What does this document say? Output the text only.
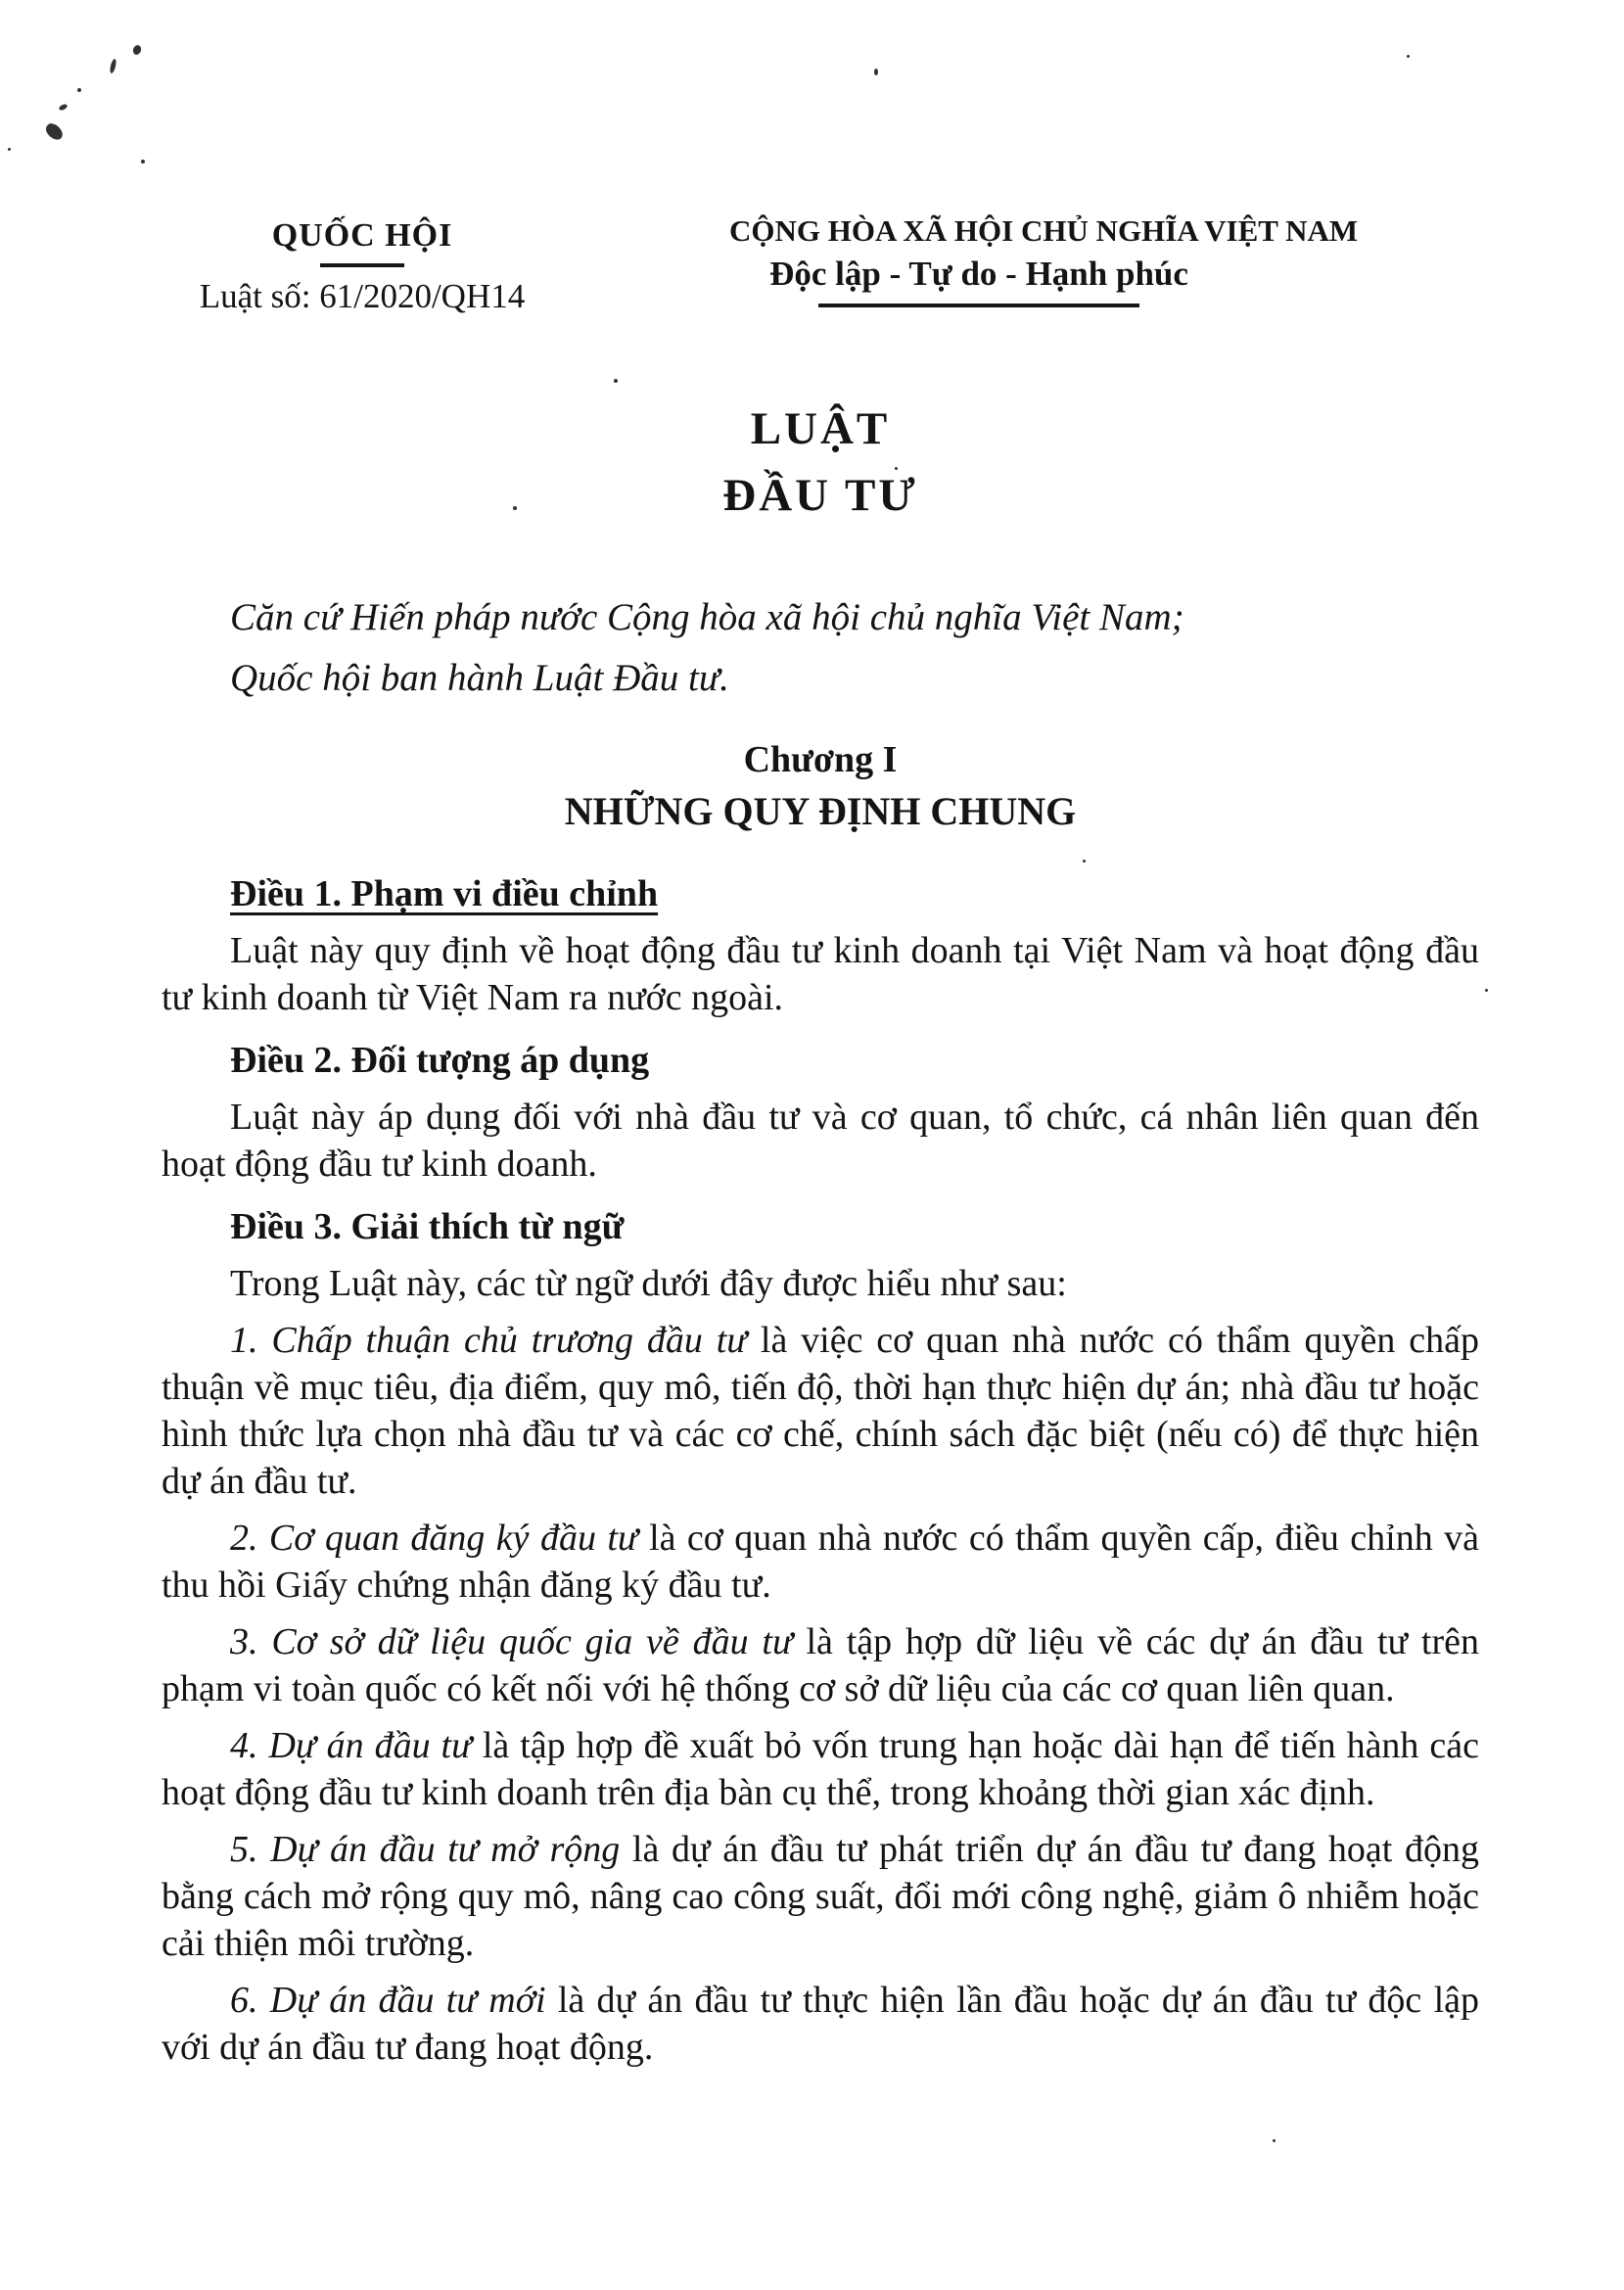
QUỐC HỘI
Luật số: 61/2020/QH14
CỘNG HÒA XÃ HỘI CHỦ NGHĨA VIỆT NAM
Độc lập - Tự do - Hạnh phúc
LUẬT
ĐẦU TƯ

Căn cứ Hiến pháp nước Cộng hòa xã hội chủ nghĩa Việt Nam;

Quốc hội ban hành Luật Đầu tư.

Chương I
NHỮNG QUY ĐỊNH CHUNG
Điều 1. Phạm vi điều chỉnh

Luật này quy định về hoạt động đầu tư kinh doanh tại Việt Nam và hoạt động đầu tư kinh doanh từ Việt Nam ra nước ngoài.

Điều 2. Đối tượng áp dụng

Luật này áp dụng đối với nhà đầu tư và cơ quan, tổ chức, cá nhân liên quan đến hoạt động đầu tư kinh doanh.

Điều 3. Giải thích từ ngữ

Trong Luật này, các từ ngữ dưới đây được hiểu như sau:

1. Chấp thuận chủ trương đầu tư là việc cơ quan nhà nước có thẩm quyền chấp thuận về mục tiêu, địa điểm, quy mô, tiến độ, thời hạn thực hiện dự án; nhà đầu tư hoặc hình thức lựa chọn nhà đầu tư và các cơ chế, chính sách đặc biệt (nếu có) để thực hiện dự án đầu tư.

2. Cơ quan đăng ký đầu tư là cơ quan nhà nước có thẩm quyền cấp, điều chỉnh và thu hồi Giấy chứng nhận đăng ký đầu tư.

3. Cơ sở dữ liệu quốc gia về đầu tư là tập hợp dữ liệu về các dự án đầu tư trên phạm vi toàn quốc có kết nối với hệ thống cơ sở dữ liệu của các cơ quan liên quan.

4. Dự án đầu tư là tập hợp đề xuất bỏ vốn trung hạn hoặc dài hạn để tiến hành các hoạt động đầu tư kinh doanh trên địa bàn cụ thể, trong khoảng thời gian xác định.

5. Dự án đầu tư mở rộng là dự án đầu tư phát triển dự án đầu tư đang hoạt động bằng cách mở rộng quy mô, nâng cao công suất, đổi mới công nghệ, giảm ô nhiễm hoặc cải thiện môi trường.

6. Dự án đầu tư mới là dự án đầu tư thực hiện lần đầu hoặc dự án đầu tư độc lập với dự án đầu tư đang hoạt động.
